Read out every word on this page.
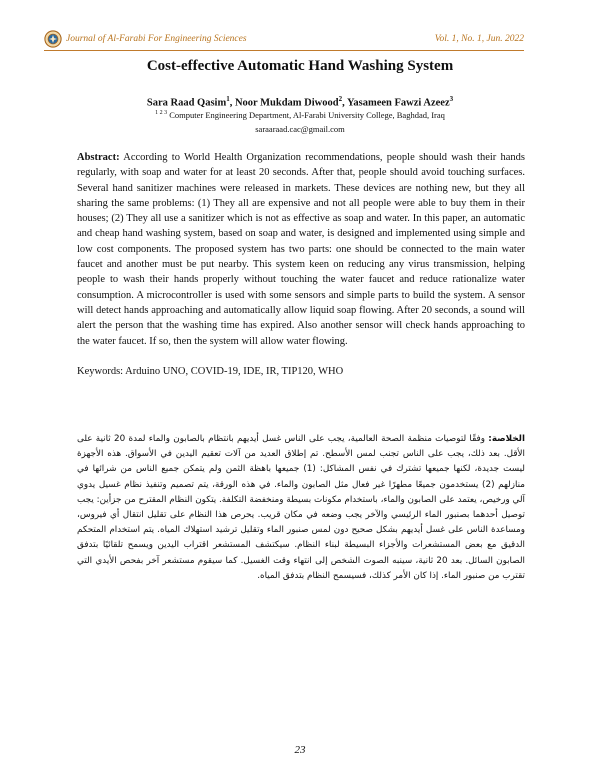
Journal of Al-Farabi For Engineering Sciences	Vol. 1, No. 1, Jun. 2022
Cost-effective Automatic Hand Washing System
Sara Raad Qasim$^1$, Noor Mukdam Diwood$^2$, Yasameen Fawzi Azeez$^3$
$^{1 2 3}$ Computer Engineering Department, Al-Farabi University College, Baghdad, Iraq
saraaraad.cac@gmail.com
Abstract: According to World Health Organization recommendations, people should wash their hands regularly, with soap and water for at least 20 seconds. After that, people should avoid touching surfaces. Several hand sanitizer machines were released in markets. These devices are nothing new, but they all sharing the same problems: (1) They all are expensive and not all people were able to buy them in their houses; (2) They all use a sanitizer which is not as effective as soap and water. In this paper, an automatic and cheap hand washing system, based on soap and water, is designed and implemented using simple and low cost components. The proposed system has two parts: one should be connected to the main water faucet and another must be put nearby. This system keen on reducing any virus transmission, helping people to wash their hands properly without touching the water faucet and reduce rationalize water consumption. A microcontroller is used with some sensors and simple parts to build the system. A sensor will detect hands approaching and automatically allow liquid soap flowing. After 20 seconds, a sound will alert the person that the washing time has expired. Also another sensor will check hands approaching to the water faucet. If so, then the system will allow water flowing.
Keywords: Arduino UNO, COVID-19, IDE, IR, TIP120, WHO
الخلاصة: وفقًا لتوصيات منظمة الصحة العالمية، يجب على الناس غسل أيديهم بانتظام بالصابون والماء لمدة 20 ثانية على الأقل. بعد ذلك، يجب على الناس تجنب لمس الأسطح. تم إطلاق العديد من آلات تعقيم اليدين في الأسواق. هذه الأجهزة ليست جديدة، لكنها جميعها تشترك في نفس المشاكل: (1) جميعها باهظة الثمن ولم يتمكن جميع الناس من شرائها في منازلهم (2) يستخدمون جميعًا مطهرًا غير فعال مثل الصابون والماء. في هذه الورقة، يتم تصميم وتنفيذ نظام غسيل يدوي آلي ورخيص، يعتمد على الصابون والماء، باستخدام مكونات بسيطة ومنخفضة التكلفة. يتكون النظام المقترح من جزأين: يجب توصيل أحدهما بصنبور الماء الرئيسي والآخر يجب وضعه في مكان قريب. يحرص هذا النظام على تقليل انتقال أي فيروس، ومساعدة الناس على غسل أيديهم بشكل صحيح دون لمس صنبور الماء وتقليل ترشيد استهلاك المياه. يتم استخدام المتحكم الدقيق مع بعض المستشعرات والأجزاء البسيطة لبناء النظام. سيكتشف المستشعر اقتراب اليدين ويسمح تلقائيًا بتدفق الصابون السائل. بعد 20 ثانية، سينبه الصوت الشخص إلى انتهاء وقت الغسيل. كما سيقوم مستشعر آخر بفحص الأيدي التي تقترب من صنبور الماء. إذا كان الأمر كذلك، فسيسمح النظام بتدفق المياه.
23
